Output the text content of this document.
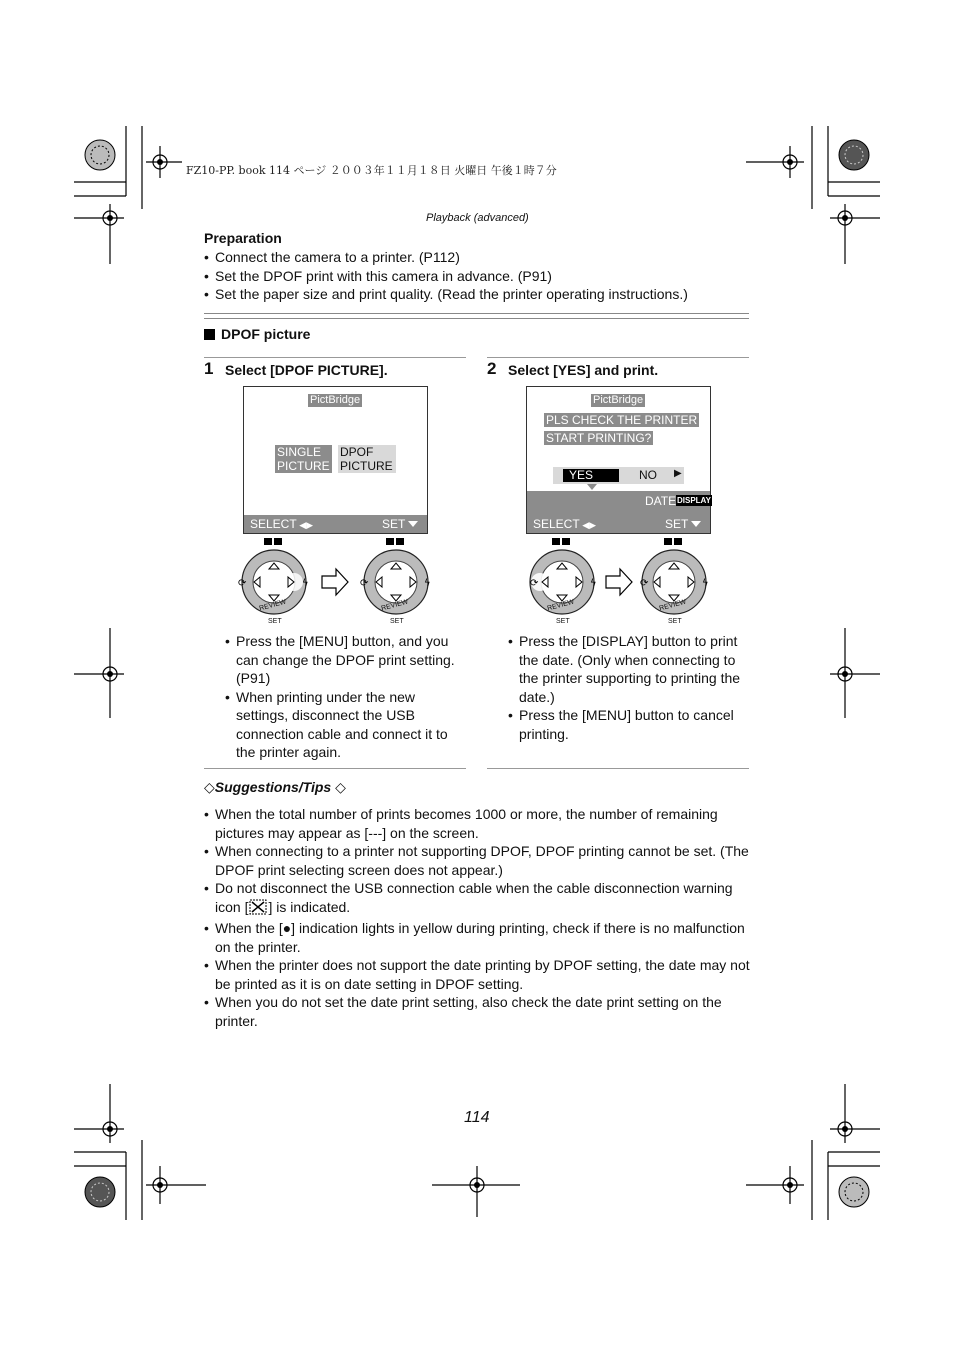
FZ10-PP. book 114 ページ ２００３年１１月１８日 火曜日 午後１時７分
Playback (advanced)
Preparation
• Connect the camera to a printer. (P112)
• Set the DPOF print with this camera in advance. (P91)
• Set the paper size and print quality. (Read the printer operating instructions.)
DPOF picture
1 Select [DPOF PICTURE].
PictBridge
SINGLE
PICTURE
DPOF
PICTURE
SELECT ◀▶	SET
⟳	ϟ	⟳	ϟ
REVIEW
SET
REVIEW
SET
• Press the [MENU] button, and you can change the DPOF print setting. (P91)
• When printing under the new settings, disconnect the USB connection cable and connect it to the printer again.
2 Select [YES] and print.
PictBridge
PLS CHECK THE PRINTER
START PRINTING?
YES	NO ▶
DATE DISPLAY
SELECT ◀▶	SET
⟳	ϟ	⟳	ϟ
REVIEW
SET
REVIEW
SET
• Press the [DISPLAY] button to print the date. (Only when connecting to the printer supporting to printing the date.)
• Press the [MENU] button to cancel printing.
◇Suggestions/Tips ◇
• When the total number of prints becomes 1000 or more, the number of remaining pictures may appear as [---] on the screen.
• When connecting to a printer not supporting DPOF, DPOF printing cannot be set. (The DPOF print selecting screen does not appear.)
• Do not disconnect the USB connection cable when the cable disconnection warning icon [ ] is indicated.
• When the [●] indication lights in yellow during printing, check if there is no malfunction on the printer.
• When the printer does not support the date printing by DPOF setting, the date may not be printed as it is on date setting in DPOF setting.
• When you do not set the date print setting, also check the date print setting on the printer.
114
